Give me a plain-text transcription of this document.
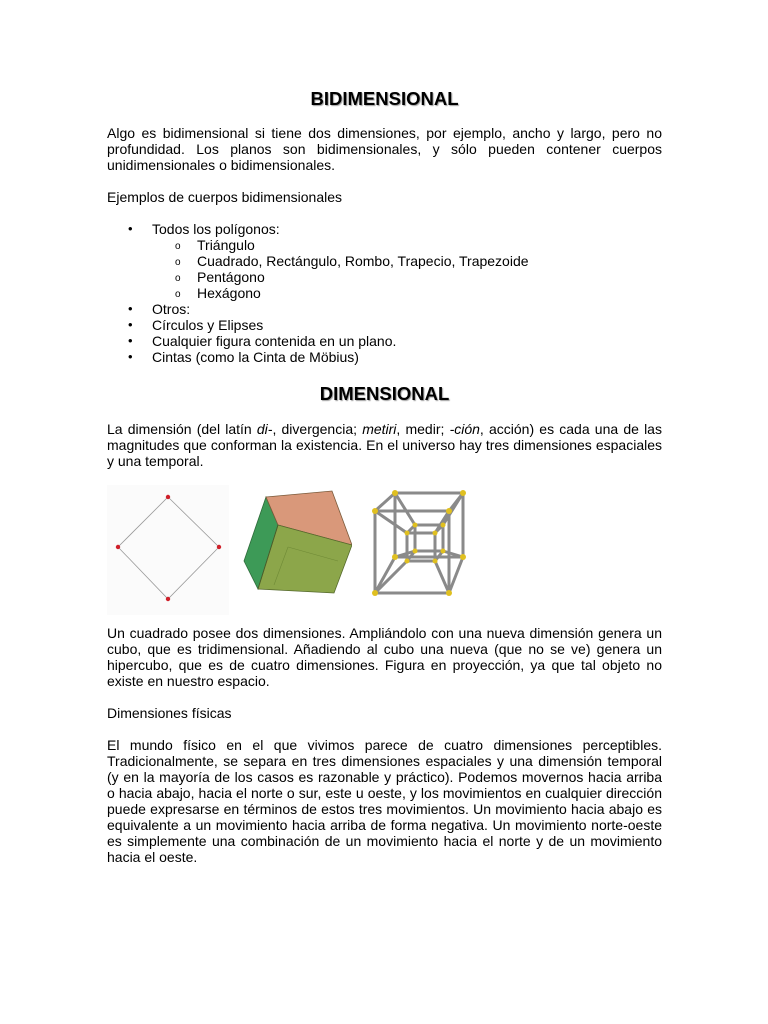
BIDIMENSIONAL

Algo es bidimensional si tiene dos dimensiones, por ejemplo, ancho y largo, pero no profundidad. Los planos son bidimensionales, y sólo pueden contener cuerpos unidimensionales o bidimensionales.

Ejemplos de cuerpos bidimensionales

• Todos los polígonos:
o Triángulo
o Cuadrado, Rectángulo, Rombo, Trapecio, Trapezoide
o Pentágono
o Hexágono
• Otros:
• Círculos y Elipses
• Cualquier figura contenida en un plano.
• Cintas (como la Cinta de Möbius)
DIMENSIONAL

La dimensión (del latín di-, divergencia; metiri, medir; -ción, acción) es cada una de las magnitudes que conforman la existencia. En el universo hay tres dimensiones espaciales y una temporal.

Un cuadrado posee dos dimensiones. Ampliándolo con una nueva dimensión genera un cubo, que es tridimensional. Añadiendo al cubo una nueva (que no se ve) genera un hipercubo, que es de cuatro dimensiones. Figura en proyección, ya que tal objeto no existe en nuestro espacio.

Dimensiones físicas

El mundo físico en el que vivimos parece de cuatro dimensiones perceptibles. Tradicionalmente, se separa en tres dimensiones espaciales y una dimensión temporal (y en la mayoría de los casos es razonable y práctico). Podemos movernos hacia arriba o hacia abajo, hacia el norte o sur, este u oeste, y los movimientos en cualquier dirección puede expresarse en términos de estos tres movimientos. Un movimiento hacia abajo es equivalente a un movimiento hacia arriba de forma negativa. Un movimiento norte-oeste es simplemente una combinación de un movimiento hacia el norte y de un movimiento hacia el oeste.
